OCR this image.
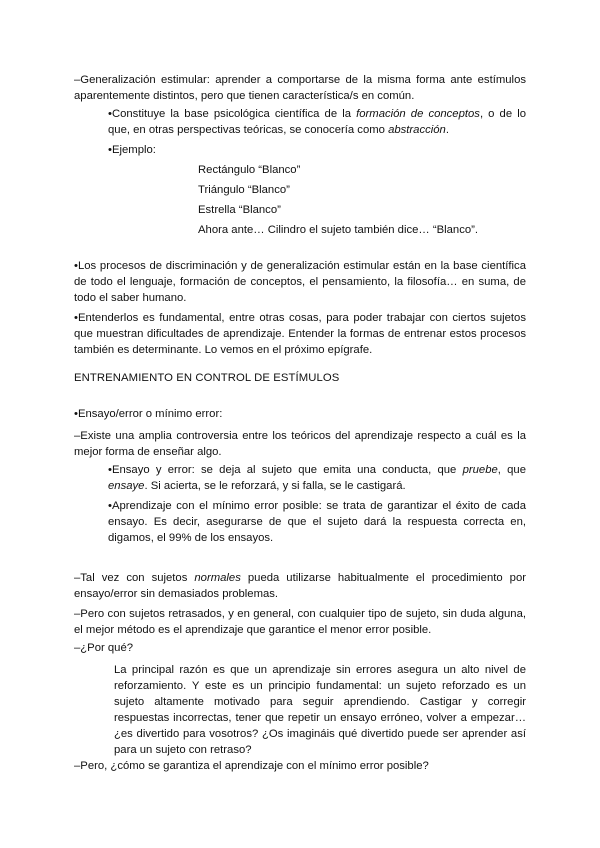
–Generalización estimular: aprender a comportarse de la misma forma ante estímulos aparentemente distintos, pero que tienen característica/s en común.

•Constituye la base psicológica científica de la formación de conceptos, o de lo que, en otras perspectivas teóricas, se conocería como abstracción.

•Ejemplo:

Rectángulo “Blanco”

Triángulo “Blanco”

Estrella “Blanco”

Ahora ante… Cilindro el sujeto también dice… “Blanco”.

•Los procesos de discriminación y de generalización estimular están en la base científica de todo el lenguaje, formación de conceptos, el pensamiento, la filosofía… en suma, de todo el saber humano.

•Entenderlos es fundamental, entre otras cosas, para poder trabajar con ciertos sujetos que muestran dificultades de aprendizaje. Entender la formas de entrenar estos procesos también es determinante. Lo vemos en el próximo epígrafe.

ENTRENAMIENTO EN CONTROL DE ESTÍMULOS

•Ensayo/error o mínimo error:

–Existe una amplia controversia entre los teóricos del aprendizaje respecto a cuál es la mejor forma de enseñar algo.

•Ensayo y error: se deja al sujeto que emita una conducta, que pruebe, que ensaye. Si acierta, se le reforzará, y si falla, se le castigará.

•Aprendizaje con el mínimo error posible: se trata de garantizar el éxito de cada ensayo. Es decir, asegurarse de que el sujeto dará la respuesta correcta en, digamos, el 99% de los ensayos.

–Tal vez con sujetos normales pueda utilizarse habitualmente el procedimiento por ensayo/error sin demasiados problemas.

–Pero con sujetos retrasados, y en general, con cualquier tipo de sujeto, sin duda alguna, el mejor método es el aprendizaje que garantice el menor error posible.

–¿Por qué?

La principal razón es que un aprendizaje sin errores asegura un alto nivel de reforzamiento. Y este es un principio fundamental: un sujeto reforzado es un sujeto altamente motivado para seguir aprendiendo. Castigar y corregir respuestas incorrectas, tener que repetir un ensayo erróneo, volver a empezar… ¿es divertido para vosotros? ¿Os imagináis qué divertido puede ser aprender así para un sujeto con retraso?

–Pero, ¿cómo se garantiza el aprendizaje con el mínimo error posible?
